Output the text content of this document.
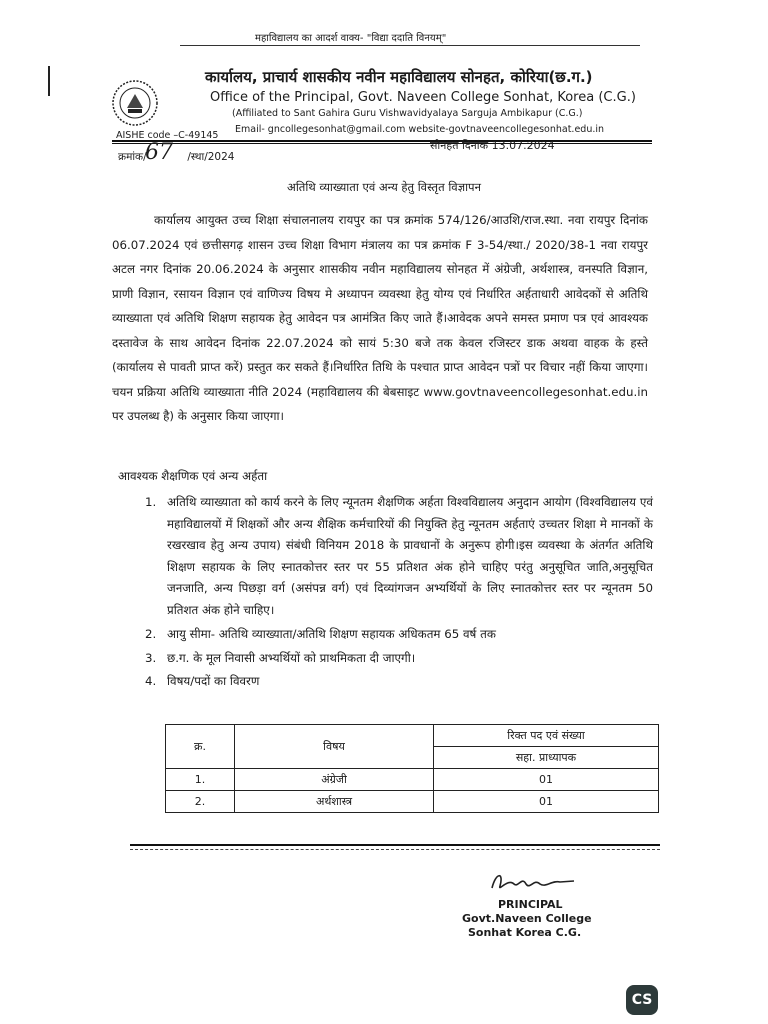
महाविद्यालय का आदर्श वाक्य- "विद्या ददाति विनयम्"
कार्यालय, प्राचार्य शासकीय नवीन महाविद्यालय सोनहत, कोरिया(छ.ग.)
Office of the Principal, Govt. Naveen College Sonhat, Korea (C.G.)
(Affiliated to Sant Gahira Guru Vishwavidyalaya Sarguja Ambikapur (C.G.)
AISHE code –C-49145
Email- gncollegesonhat@gmail.com website-govtnaveencollegesonhat.edu.in
क्रमांक/	/स्था/2024
67	सोनहत दिनांक 13.07.2024
अतिथि व्याख्याता एवं अन्य हेतु विस्तृत विज्ञापन
कार्यालय आयुक्त उच्च शिक्षा संचालनालय रायपुर का पत्र क्रमांक 574/126/आउशि/राज.स्था. नवा रायपुर दिनांक 06.07.2024 एवं छत्तीसगढ़ शासन उच्च शिक्षा विभाग मंत्रालय का पत्र क्रमांक F 3-54/स्था./ 2020/38-1 नवा रायपुर अटल नगर दिनांक 20.06.2024 के अनुसार शासकीय नवीन महाविद्यालय सोनहत में अंग्रेजी, अर्थशास्त्र, वनस्पति विज्ञान, प्राणी विज्ञान, रसायन विज्ञान एवं वाणिज्य विषय मे अध्यापन व्यवस्था हेतु योग्य एवं निर्धारित अर्हताधारी आवेदकों से अतिथि व्याख्याता एवं अतिथि शिक्षण सहायक हेतु आवेदन पत्र आमंत्रित किए जाते हैं।आवेदक अपने समस्त प्रमाण पत्र एवं आवश्यक दस्तावेज के साथ आवेदन दिनांक 22.07.2024 को सायं 5:30 बजे तक केवल रजिस्टर डाक अथवा वाहक के हस्ते (कार्यालय से पावती प्राप्त करें) प्रस्तुत कर सकते हैं।निर्धारित तिथि के पश्चात प्राप्त आवेदन पत्रों पर विचार नहीं किया जाएगा।चयन प्रक्रिया अतिथि व्याख्याता नीति 2024 (महाविद्यालय की बेबसाइट www.govtnaveencollegesonhat.edu.in पर उपलब्ध है) के अनुसार किया जाएगा।
आवश्यक शैक्षणिक एवं अन्य अर्हता
1. अतिथि व्याख्याता को कार्य करने के लिए न्यूनतम शैक्षणिक अर्हता विश्वविद्यालय अनुदान आयोग (विश्वविद्यालय एवं महाविद्यालयों में शिक्षकों और अन्य शैक्षिक कर्मचारियों की नियुक्ति हेतु न्यूनतम अर्हताएं उच्चतर शिक्षा मे मानकों के रखरखाव हेतु अन्य उपाय) संबंधी विनियम 2018 के प्रावधानों के अनुरूप होगी।इस व्यवस्था के अंतर्गत अतिथि शिक्षण सहायक के लिए स्नातकोत्तर स्तर पर 55 प्रतिशत अंक होने चाहिए परंतु अनुसूचित जाति,अनुसूचित जनजाति, अन्य पिछड़ा वर्ग (असंपन्न वर्ग) एवं दिव्यांगजन अभ्यर्थियों के लिए स्नातकोत्तर स्तर पर न्यूनतम 50 प्रतिशत अंक होने चाहिए।
2. आयु सीमा- अतिथि व्याख्याता/अतिथि शिक्षण सहायक अधिकतम 65 वर्ष तक
3. छ.ग. के मूल निवासी अभ्यर्थियों को प्राथमिकता दी जाएगी।
4. विषय/पदों का विवरण
क्र.	विषय	रिक्त पद एवं संख्या
		सहा. प्राध्यापक
1.	अंग्रेजी	01
2.	अर्थशास्त्र	01
PRINCIPAL
Govt.Naveen College
Sonhat Korea C.G.
CS
